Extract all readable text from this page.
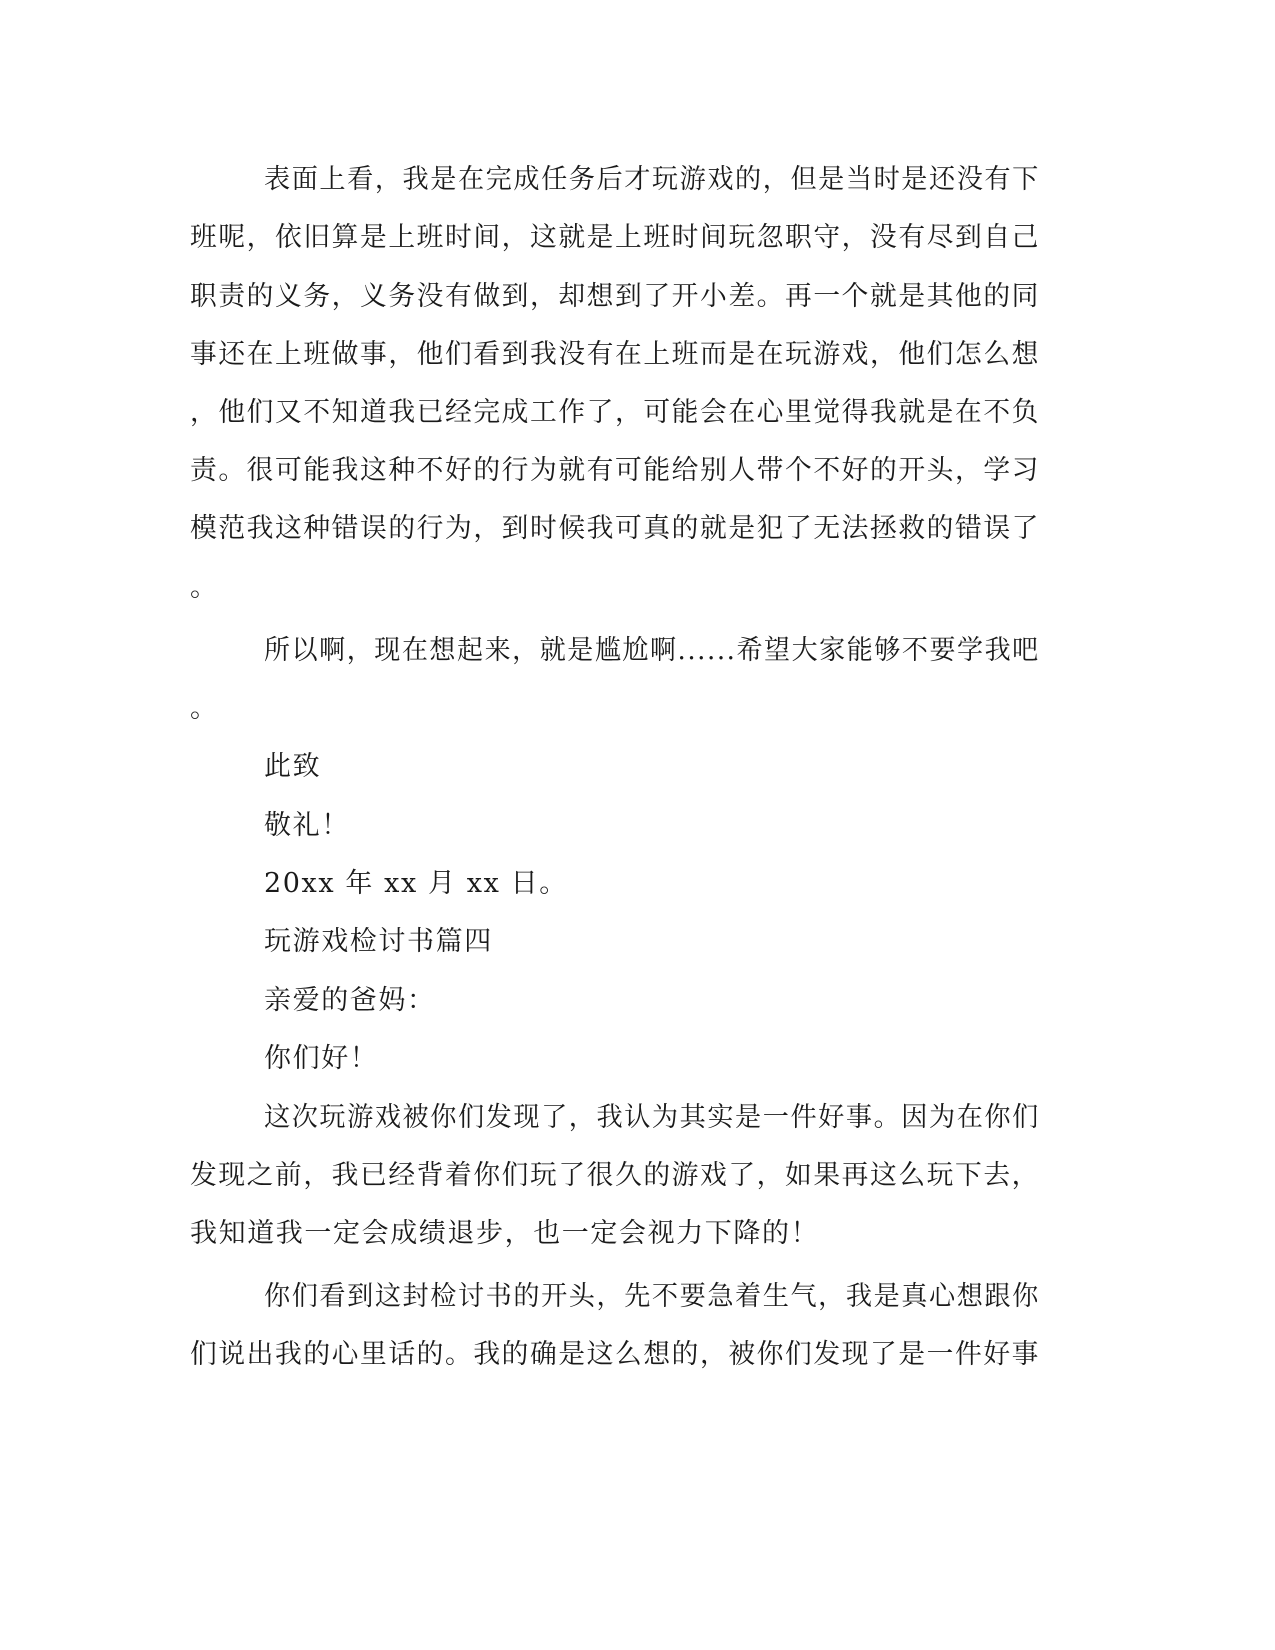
表面上看，我是在完成任务后才玩游戏的，但是当时是还没有下
班呢，依旧算是上班时间，这就是上班时间玩忽职守，没有尽到自己
职责的义务，义务没有做到，却想到了开小差。再一个就是其他的同
事还在上班做事，他们看到我没有在上班而是在玩游戏，他们怎么想
，他们又不知道我已经完成工作了，可能会在心里觉得我就是在不负
责。很可能我这种不好的行为就有可能给别人带个不好的开头，学习
模范我这种错误的行为，到时候我可真的就是犯了无法拯救的错误了
。
所以啊，现在想起来，就是尴尬啊......希望大家能够不要学我吧
。
此致
敬礼！
20xx 年 xx 月 xx 日。
玩游戏检讨书篇四
亲爱的爸妈：
你们好！
这次玩游戏被你们发现了，我认为其实是一件好事。因为在你们
发现之前，我已经背着你们玩了很久的游戏了，如果再这么玩下去，
我知道我一定会成绩退步，也一定会视力下降的！
你们看到这封检讨书的开头，先不要急着生气，我是真心想跟你
们说出我的心里话的。我的确是这么想的，被你们发现了是一件好事
